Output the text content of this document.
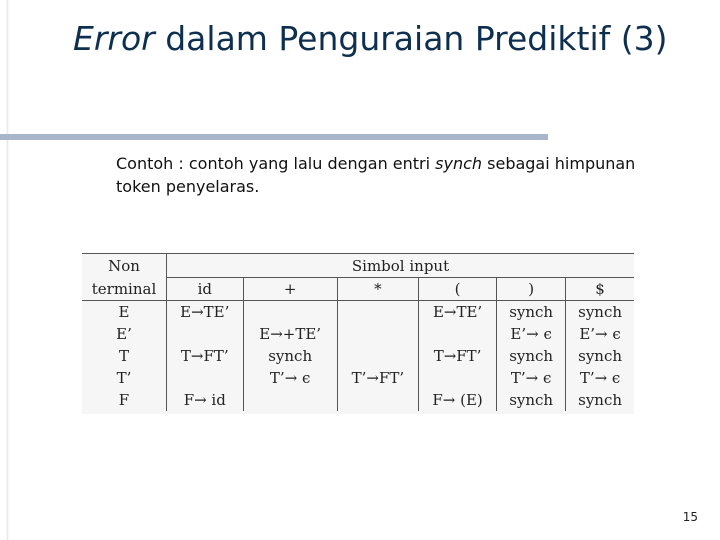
Error dalam Penguraian Prediktif (3)
Contoh : contoh yang lalu dengan entri synch sebagai himpunan token penyelaras.
Non	Simbol input					
terminal	id	+	*	(	)	$
E	E→TE’			E→TE’	synch	synch
E’		E→+TE’			E’→ ϵ	E’→ ϵ
T	T→FT’	synch		T→FT’	synch	synch
T’		T’→ ϵ	T’→FT’		T’→ ϵ	T’→ ϵ
F	F→ id			F→ (E)	synch	synch
15
